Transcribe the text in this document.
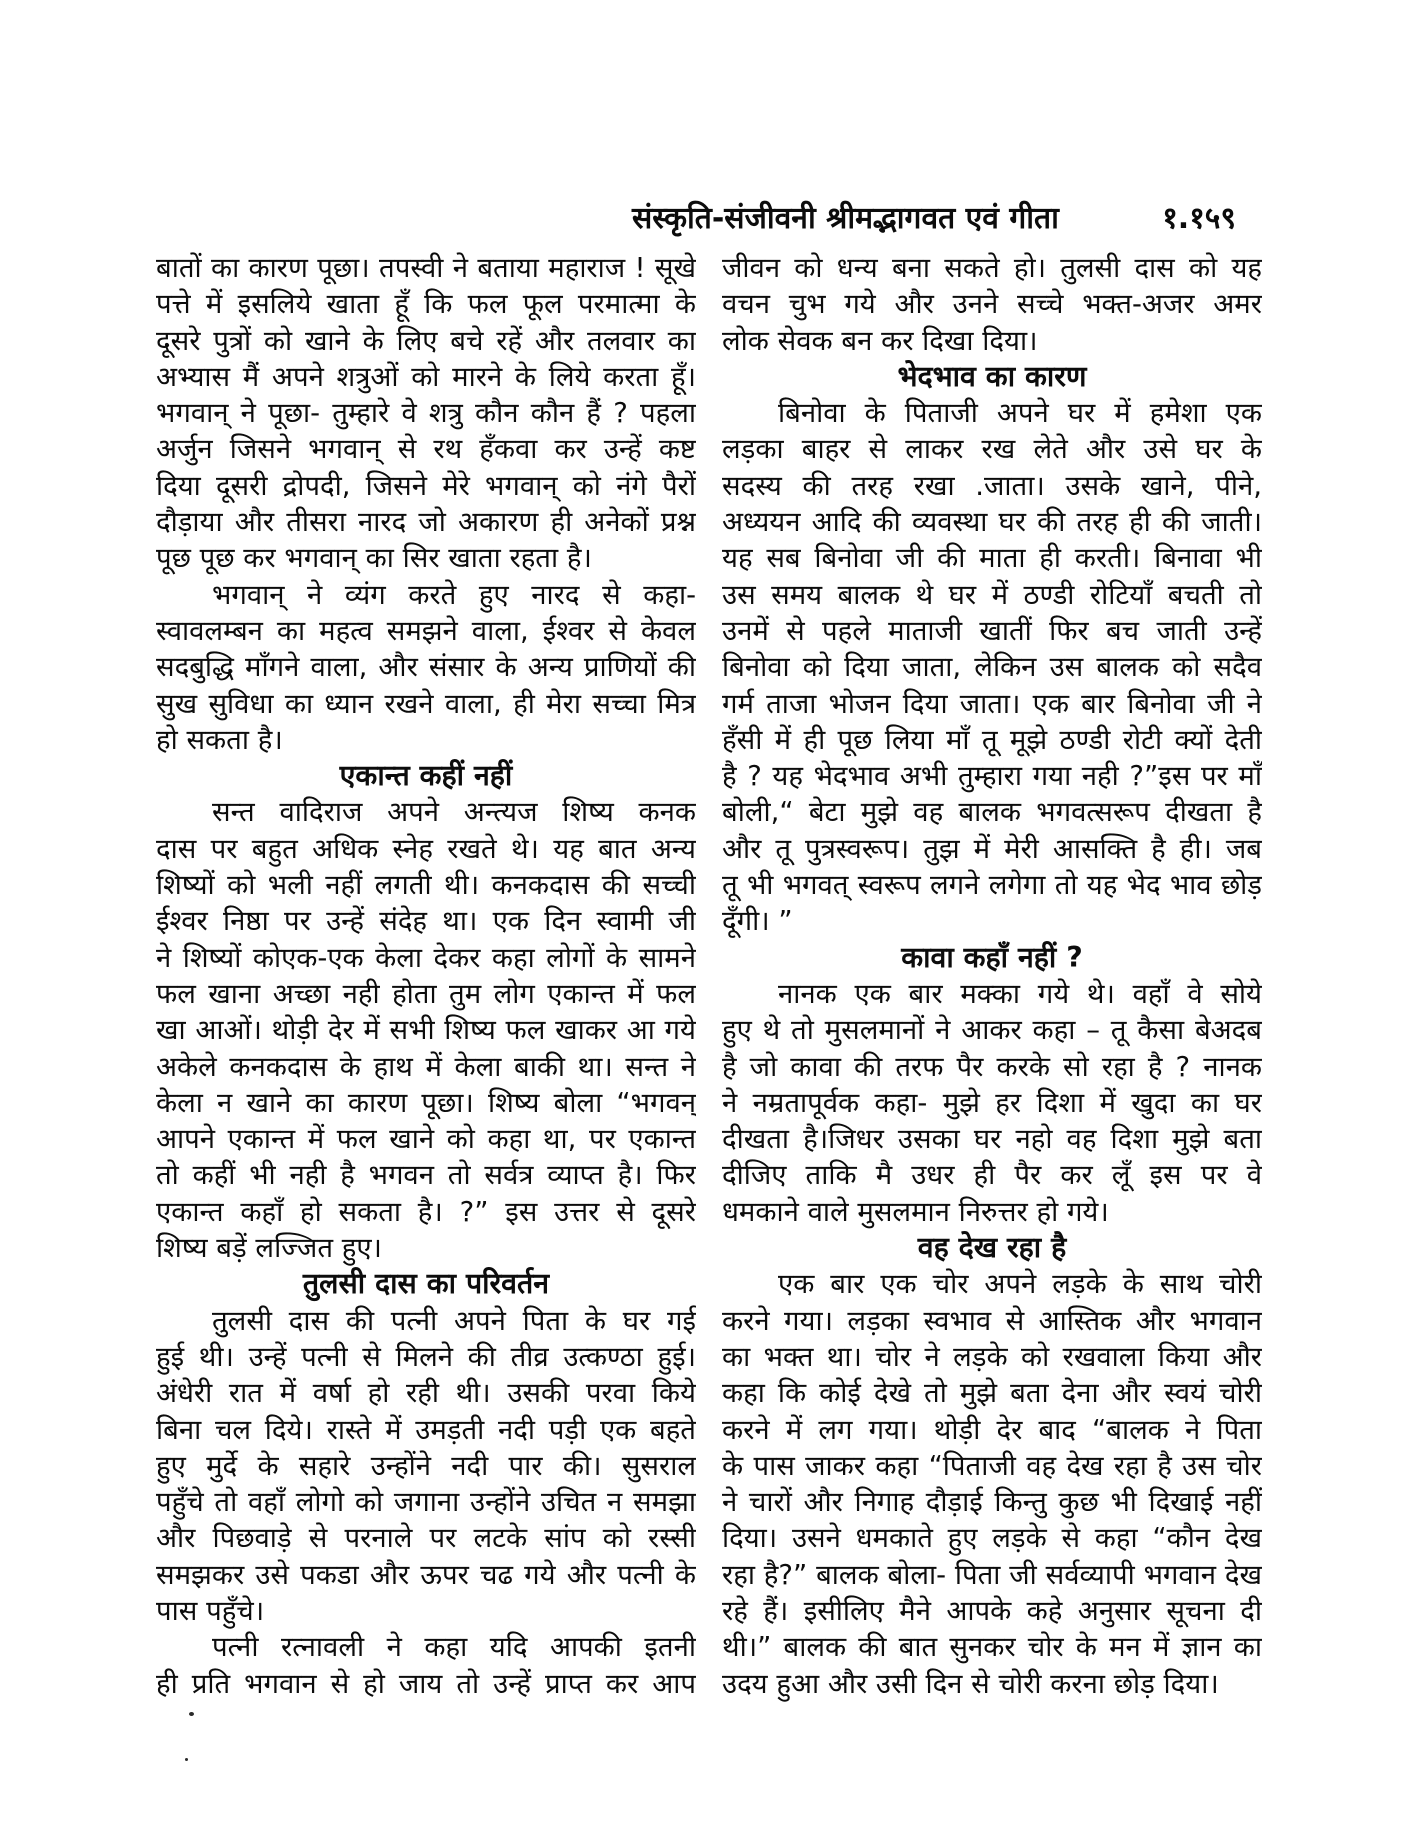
संस्कृति-संजीवनी श्रीमद्भागवत एवं गीता	१.१५९
बातों का कारण पूछा। तपस्वी ने बताया महाराज ! सूखे
पत्ते में इसलिये खाता हूँ कि फल फूल परमात्मा के
दूसरे पुत्रों को खाने के लिए बचे रहें और तलवार का
अभ्यास मैं अपने शत्रुओं को मारने के लिये करता हूँ।
भगवान् ने पूछा- तुम्हारे वे शत्रु कौन कौन हैं ? पहला
अर्जुन जिसने भगवान् से रथ हँकवा कर उन्हें कष्ट
दिया दूसरी द्रोपदी, जिसने मेरे भगवान् को नंगे पैरों
दौड़ाया और तीसरा नारद जो अकारण ही अनेकों प्रश्न
पूछ पूछ कर भगवान् का सिर खाता रहता है।
भगवान् ने व्यंग करते हुए नारद से कहा-
स्वावलम्बन का महत्व समझने वाला, ईश्वर से केवल
सदबुद्धि माँगने वाला, और संसार के अन्य प्राणियों की
सुख सुविधा का ध्यान रखने वाला, ही मेरा सच्चा मित्र
हो सकता है।
एकान्त कहीं नहीं
सन्त वादिराज अपने अन्त्यज शिष्य कनक
दास पर बहुत अधिक स्नेह रखते थे। यह बात अन्य
शिष्यों को भली नहीं लगती थी। कनकदास की सच्ची
ईश्वर निष्ठा पर उन्हें संदेह था। एक दिन स्वामी जी
ने शिष्यों कोएक-एक केला देकर कहा लोगों के सामने
फल खाना अच्छा नही होता तुम लोग एकान्त में फल
खा आओं। थोड़ी देर में सभी शिष्य फल खाकर आ गये
अकेले कनकदास के हाथ में केला बाकी था। सन्त ने
केला न खाने का कारण पूछा। शिष्य बोला “भगवन्
आपने एकान्त में फल खाने को कहा था, पर एकान्त
तो कहीं भी नही है भगवन तो सर्वत्र व्याप्त है। फिर
एकान्त कहाँ हो सकता है। ?” इस उत्तर से दूसरे
शिष्य बड़ें लज्जित हुए।
तुलसी दास का परिवर्तन
तुलसी दास की पत्नी अपने पिता के घर गई
हुई थी। उन्हें पत्नी से मिलने की तीव्र उत्कण्ठा हुई।
अंधेरी रात में वर्षा हो रही थी। उसकी परवा किये
बिना चल दिये। रास्ते में उमड़ती नदी पड़ी एक बहते
हुए मुर्दे के सहारे उन्होंने नदी पार की। सुसराल
पहुँचे तो वहाँ लोगो को जगाना उन्होंने उचित न समझा
और पिछवाड़े से परनाले पर लटके सांप को रस्सी
समझकर उसे पकडा और ऊपर चढ गये और पत्नी के
पास पहुँचे।
पत्नी रत्नावली ने कहा यदि आपकी इतनी
ही प्रति भगवान से हो जाय तो उन्हें प्राप्त कर आप
जीवन को धन्य बना सकते हो। तुलसी दास को यह
वचन चुभ गये और उनने सच्चे भक्त-अजर अमर
लोक सेवक बन कर दिखा दिया।
भेदभाव का कारण
बिनोवा के पिताजी अपने घर में हमेशा एक
लड़का बाहर से लाकर रख लेते और उसे घर के
सदस्य की तरह रखा .जाता। उसके खाने, पीने,
अध्ययन आदि की व्यवस्था घर की तरह ही की जाती।
यह सब बिनोवा जी की माता ही करती। बिनावा भी
उस समय बालक थे घर में ठण्डी रोटियाँ बचती तो
उनमें से पहले माताजी खातीं फिर बच जाती उन्हें
बिनोवा को दिया जाता, लेकिन उस बालक को सदैव
गर्म ताजा भोजन दिया जाता। एक बार बिनोवा जी ने
हँसी में ही पूछ लिया माँ तू मूझे ठण्डी रोटी क्यों देती
है ? यह भेदभाव अभी तुम्हारा गया नही ?”इस पर माँ
बोली,“ बेटा मुझे वह बालक भगवत्सरूप दीखता है
और तू पुत्रस्वरूप। तुझ में मेरी आसक्ति है ही। जब
तू भी भगवत् स्वरूप लगने लगेगा तो यह भेद भाव छोड़
दूँगी। ”
कावा कहाँ नहीं ?
नानक एक बार मक्का गये थे। वहाँ वे सोये
हुए थे तो मुसलमानों ने आकर कहा – तू कैसा बेअदब
है जो कावा की तरफ पैर करके सो रहा है ? नानक
ने नम्रतापूर्वक कहा- मुझे हर दिशा में खुदा का घर
दीखता है।जिधर उसका घर नहो वह दिशा मुझे बता
दीजिए ताकि मै उधर ही पैर कर लूँ इस पर वे
धमकाने वाले मुसलमान निरुत्तर हो गये।
वह देख रहा है
एक बार एक चोर अपने लड़के के साथ चोरी
करने गया। लड़का स्वभाव से आस्तिक और भगवान
का भक्त था। चोर ने लड़के को रखवाला किया और
कहा कि कोई देखे तो मुझे बता देना और स्वयं चोरी
करने में लग गया। थोड़ी देर बाद “बालक ने पिता
के पास जाकर कहा “पिताजी वह देख रहा है उस चोर
ने चारों और निगाह दौड़ाई किन्तु कुछ भी दिखाई नहीं
दिया। उसने धमकाते हुए लड़के से कहा “कौन देख
रहा है?” बालक बोला- पिता जी सर्वव्यापी भगवान देख
रहे हैं। इसीलिए मैने आपके कहे अनुसार सूचना दी
थी।” बालक की बात सुनकर चोर के मन में ज्ञान का
उदय हुआ और उसी दिन से चोरी करना छोड़ दिया।
